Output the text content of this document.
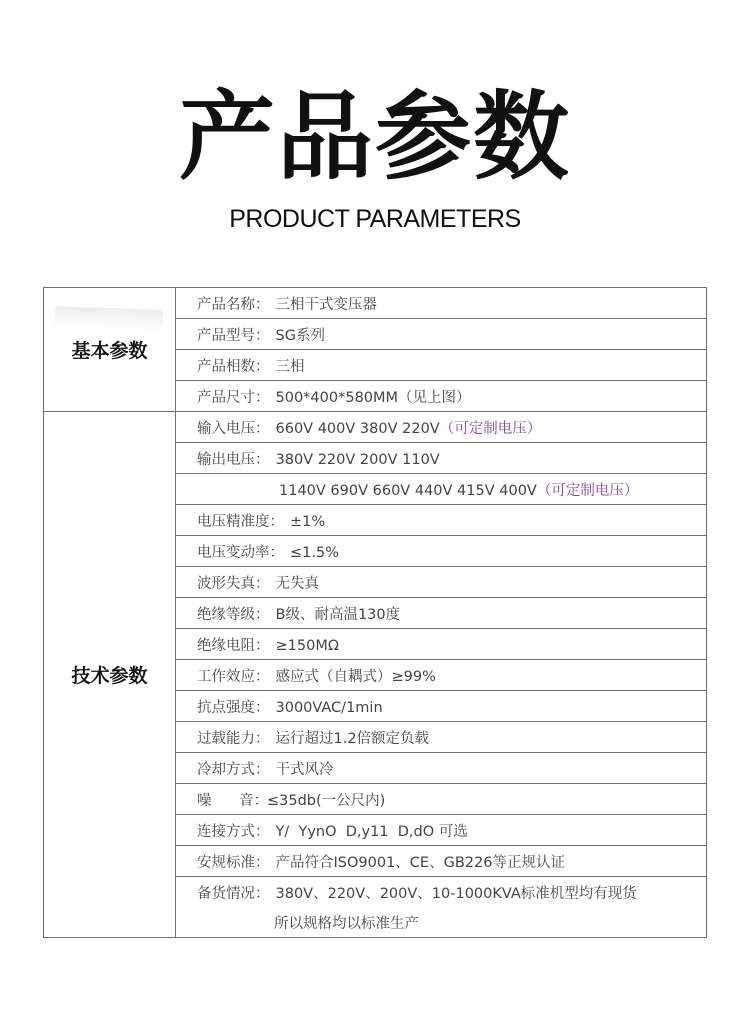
产品参数
PRODUCT PARAMETERS
基本参数	产品名称： 三相干式变压器
	产品型号： SG系列
	产品相数： 三相
	产品尺寸： 500*400*580MM（见上图）
技术参数	输入电压： 660V 400V 380V 220V（可定制电压）
	输出电压： 380V 220V 200V 110V
	1140V 690V 660V 440V 415V 400V（可定制电压）
	电压精准度： ±1%
	电压变动率： ≤1.5%
	波形失真： 无失真
	绝缘等级： B级、耐高温130度
	绝缘电阻： ≥150MΩ
	工作效应： 感应式（自耦式）≥99%
	抗点强度： 3000VAC/1min
	过载能力： 运行超过1.2倍额定负载
	冷却方式： 干式风冷
	噪      音：≤35db(一公尺内)
	连接方式： Y/  YynO  D,y11  D,dO 可选
	安规标准： 产品符合ISO9001、CE、GB226等正规认证
	备货情况： 380V、220V、200V、10-1000KVA标准机型均有现货
	所以规格均以标准生产
